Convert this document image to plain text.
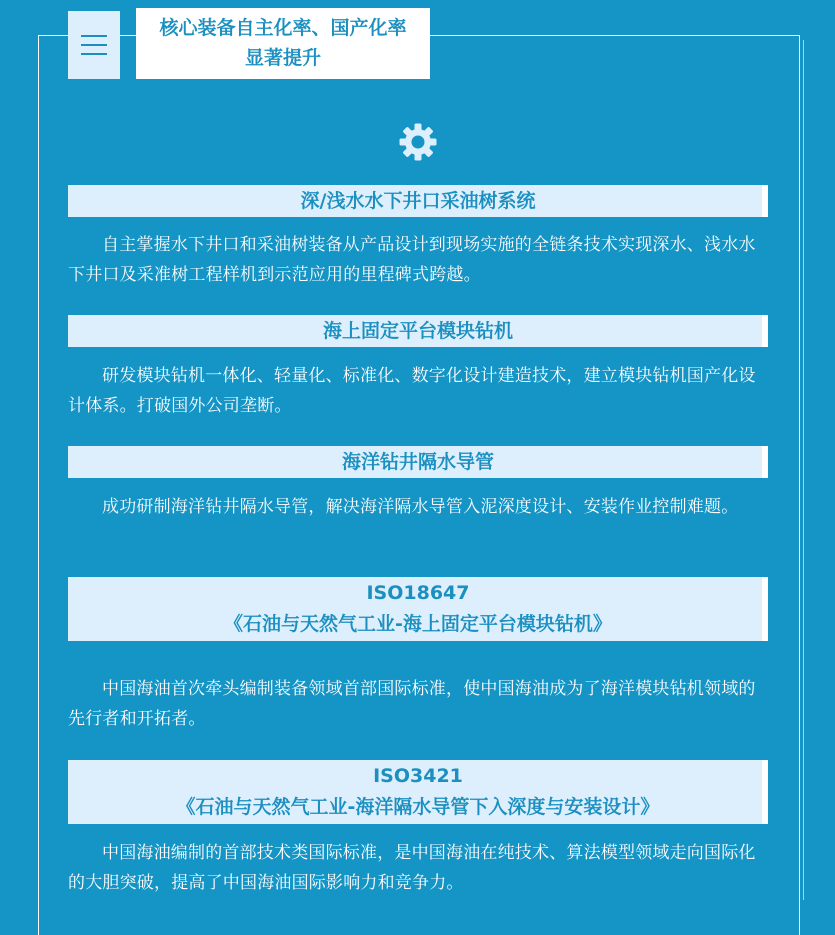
核心装备自主化率、国产化率
显著提升
深/浅水水下井口采油树系统
自主掌握水下井口和采油树装备从产品设计到现场实施的全链条技术实现深水、浅水水下井口及采准树工程样机到示范应用的里程碑式跨越。
海上固定平台模块钻机
研发模块钻机一体化、轻量化、标准化、数字化设计建造技术，建立模块钻机国产化设计体系。打破国外公司垄断。
海洋钻井隔水导管
成功研制海洋钻井隔水导管，解决海洋隔水导管入泥深度设计、安装作业控制难题。
ISO18647
《石油与天然气工业-海上固定平台模块钻机》
中国海油首次牵头编制装备领域首部国际标准，使中国海油成为了海洋模块钻机领域的先行者和开拓者。
ISO3421
《石油与天然气工业-海洋隔水导管下入深度与安装设计》
中国海油编制的首部技术类国际标准，是中国海油在纯技术、算法模型领域走向国际化的大胆突破，提高了中国海油国际影响力和竞争力。
